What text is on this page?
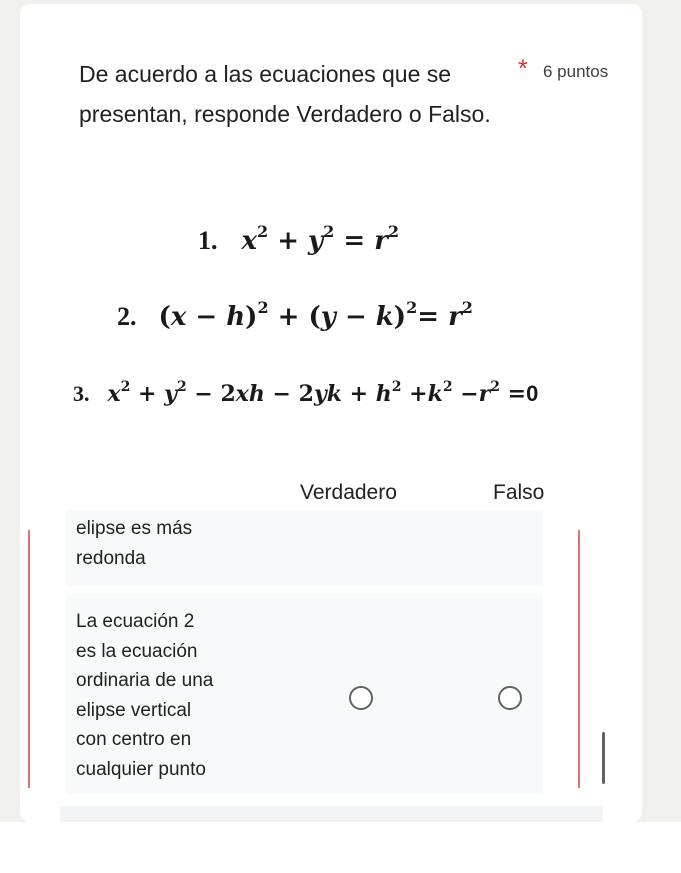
De acuerdo a las ecuaciones que se presentan, responde Verdadero o Falso.
* 6 puntos
1. $x^2 + y^2 = r^2$
2. $(x - h)^2 + (y - k)^2= r^2$
3. $x^2 + y^2 - 2xh - 2yk + h^2 +k^2 -r^2 =0$
Verdadero	Falso
elipse es más
redonda
La ecuación 2
es la ecuación
ordinaria de una
elipse vertical
con centro en
cualquier punto
